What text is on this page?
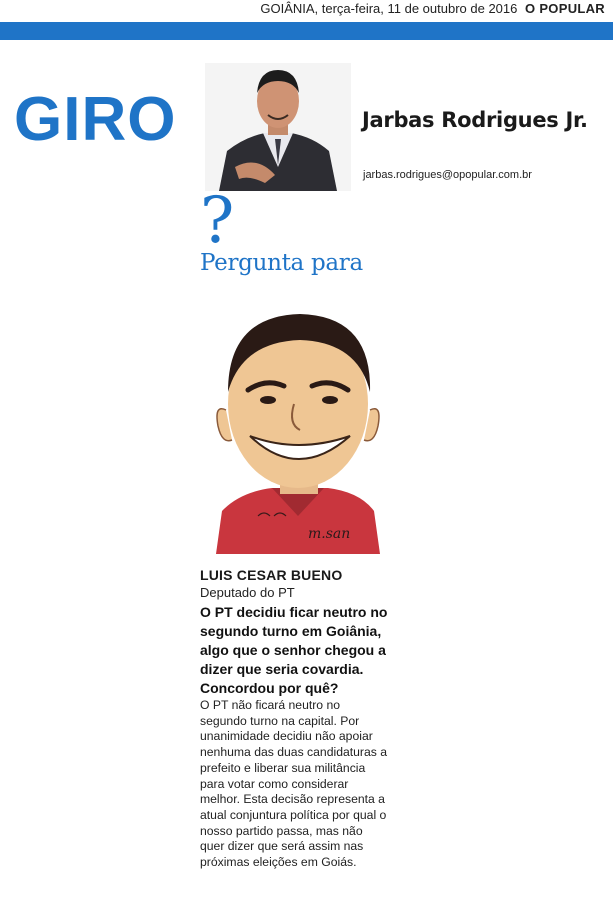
GOIÂNIA, terça-feira, 11 de outubro de 2016 O POPULAR
GIRO	Jarbas Rodrigues Jr.
jarbas.rodrigues@opopular.com.br
?
Pergunta para
m.san
LUIS CESAR BUENO
Deputado do PT
O PT decidiu ficar neutro no segundo turno em Goiânia, algo que o senhor chegou a dizer que seria covardia. Concordou por quê?
O PT não ficará neutro no segundo turno na capital. Por unanimidade decidiu não apoiar nenhuma das duas candidaturas a prefeito e liberar sua militância para votar como considerar melhor. Esta decisão representa a atual conjuntura política por qual o nosso partido passa, mas não quer dizer que será assim nas próximas eleições em Goiás.
